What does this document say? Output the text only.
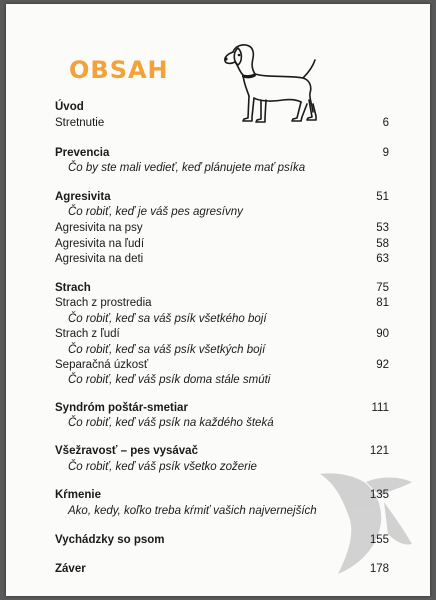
OBSAH
Úvod
Stretnutie	6
Prevencia	9
Čo by ste mali vedieť, keď plánujete mať psíka
Agresivita	51
Čo robiť, keď je váš pes agresívny
Agresivita na psy	53
Agresivita na ľudí	58
Agresivita na deti	63
Strach	75
Strach z prostredia	81
Čo robiť, keď sa váš psík všetkého bojí
Strach z ľudí	90
Čo robiť, keď sa váš psík všetkých bojí
Separačná úzkosť	92
Čo robiť, keď váš psík doma stále smúti
Syndróm poštár-smetiar	111
Čo robiť, keď váš psík na každého šteká
Všežravosť – pes vysávač	121
Čo robiť, keď váš psík všetko zožerie
Kŕmenie	135
Ako, kedy, koľko treba kŕmiť vašich najvernejších
Vychádzky so psom	155
Záver	178
